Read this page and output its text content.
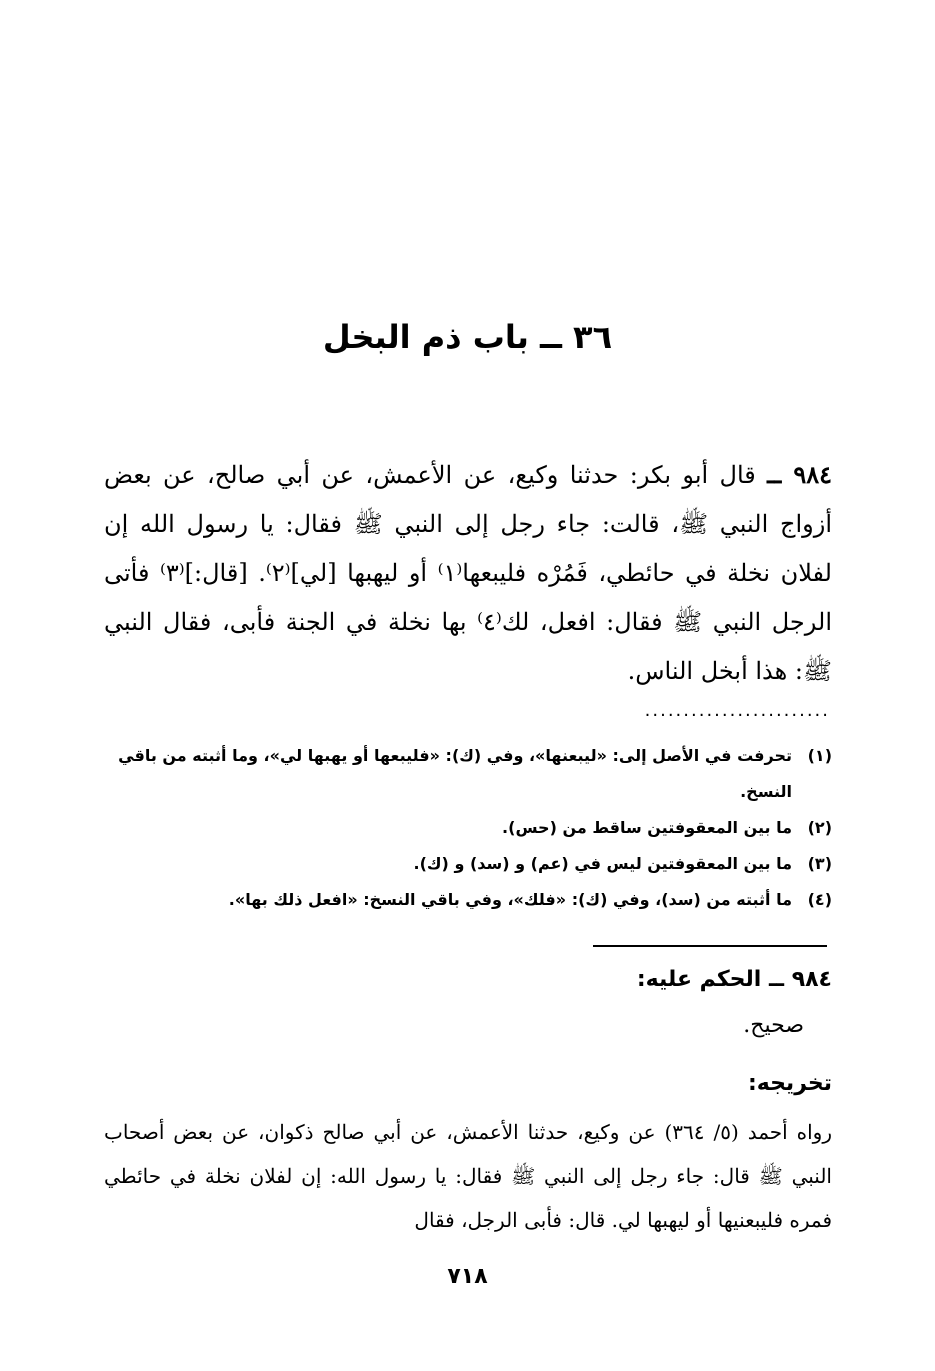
٣٦ ــ باب ذم البخل

٩٨٤ ــ قال أبو بكر: حدثنا وكيع، عن الأعمش، عن أبي صالح، عن بعض أزواج النبي ﷺ، قالت: جاء رجل إلى النبي ﷺ فقال: يا رسول الله إن لفلان نخلة في حائطي، فَمُرْه فليبعها⁽١⁾ أو ليهبها [لي]⁽٢⁾. [قال:]⁽٣⁾ فأتى الرجل النبي ﷺ فقال: افعل، لك⁽٤⁾ بها نخلة في الجنة فأبى، فقال النبي ﷺ: هذا أبخل الناس.

........................
(١)
تحرفت في الأصل إلى: «ليبعنها»، وفي (ك): «فليبعها أو يهبها لي»، وما أثبته من باقي النسخ.
(٢)
ما بين المعقوفتين ساقط من (حس).
(٣)
ما بين المعقوفتين ليس في (عم) و (سد) و (ك).
(٤)
ما أثبته من (سد)، وفي (ك): «فلك»، وفي باقي النسخ: «افعل ذلك بها».
٩٨٤ ــ الحكم عليه:
صحيح.
تخريجه:

رواه أحمد (٥/ ٣٦٤) عن وكيع، حدثنا الأعمش، عن أبي صالح ذكوان، عن بعض أصحاب النبي ﷺ قال: جاء رجل إلى النبي ﷺ فقال: يا رسول الله: إن لفلان نخلة في حائطي فمره فليبعنيها أو ليهبها لي. قال: فأبى الرجل، فقال

٧١٨
